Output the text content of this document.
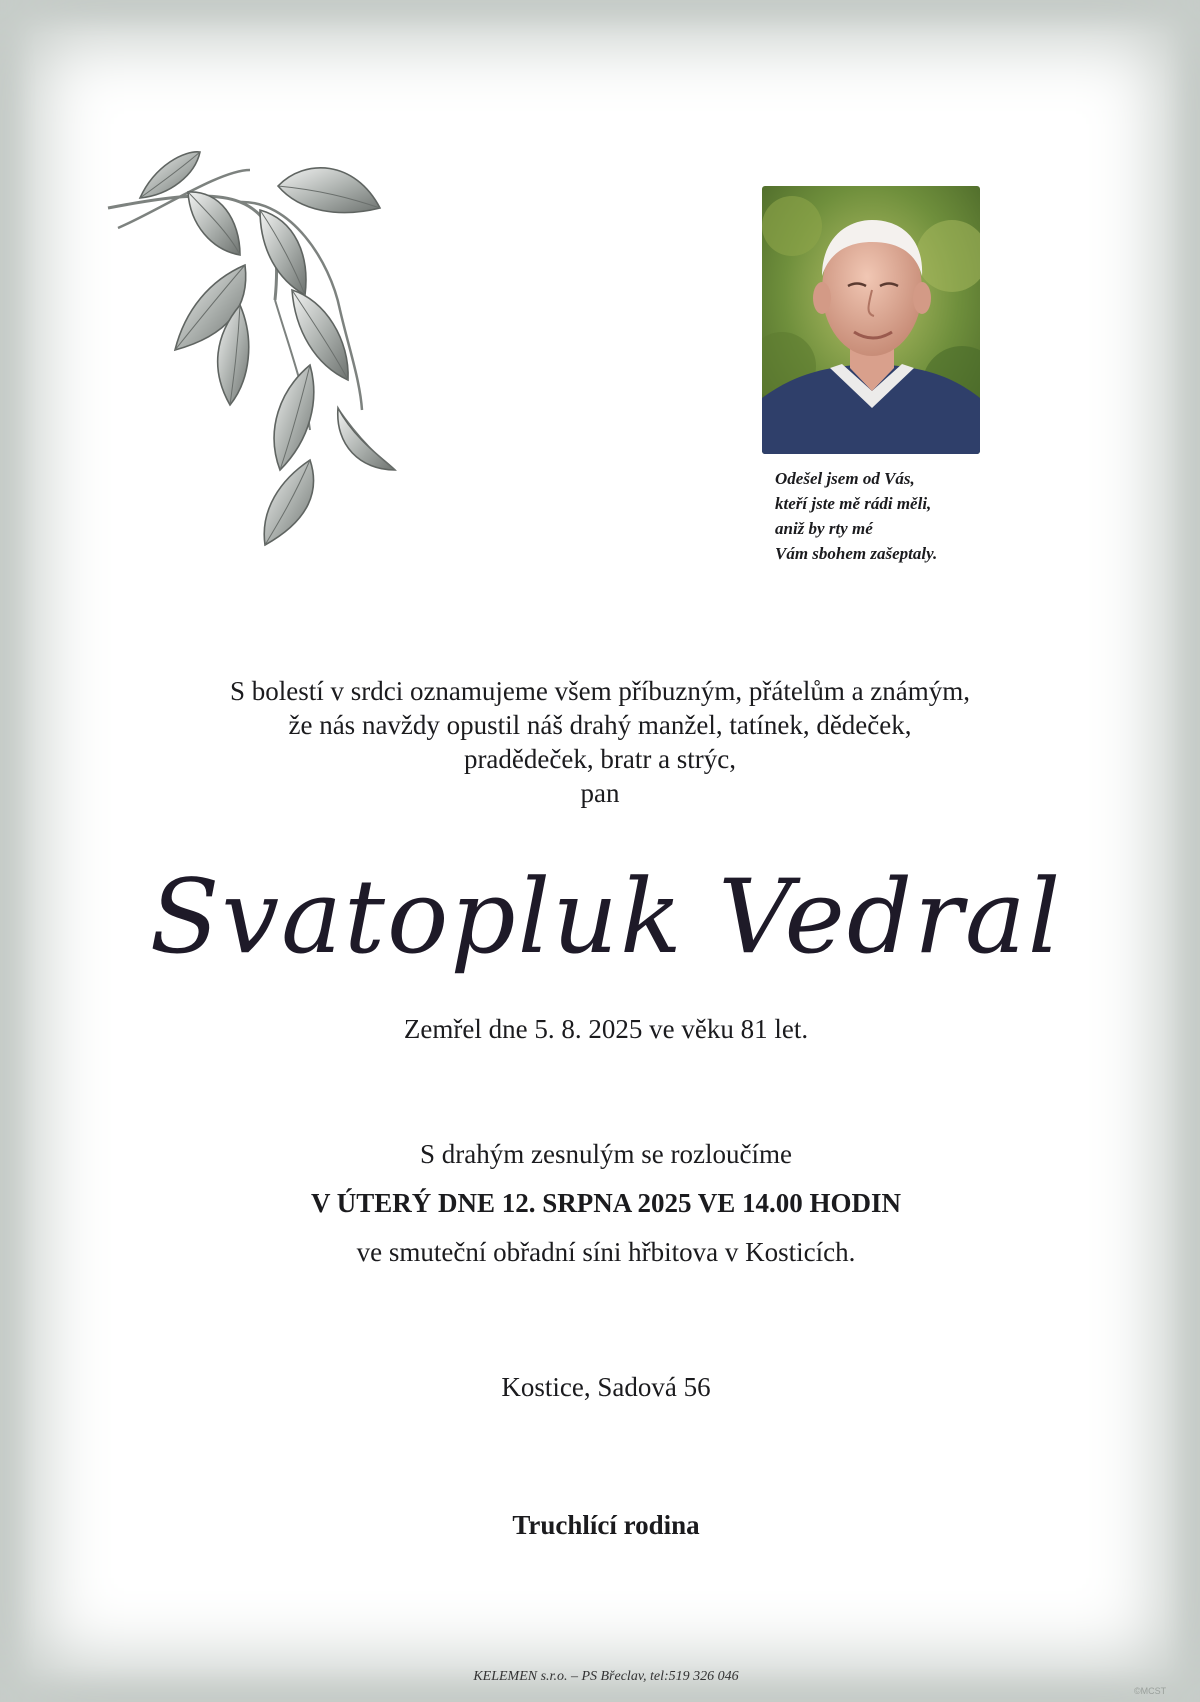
Odešel jsem od Vás,
kteří jste mě rádi měli,
aniž by rty mé
Vám sbohem zašeptaly.
S bolestí v srdci oznamujeme všem příbuzným, přátelům a známým,
že nás navždy opustil náš drahý manžel, tatínek, dědeček,
pradědeček, bratr a strýc,
pan
Svatopluk Vedral
Zemřel dne 5. 8. 2025 ve věku 81 let.
S drahým zesnulým se rozloučíme
V ÚTERÝ DNE 12. SRPNA 2025 VE 14.00 HODIN
ve smuteční obřadní síni hřbitova v Kosticích.
Kostice, Sadová 56
Truchlící rodina
KELEMEN s.r.o. – PS Břeclav, tel:519 326 046
©MCST
